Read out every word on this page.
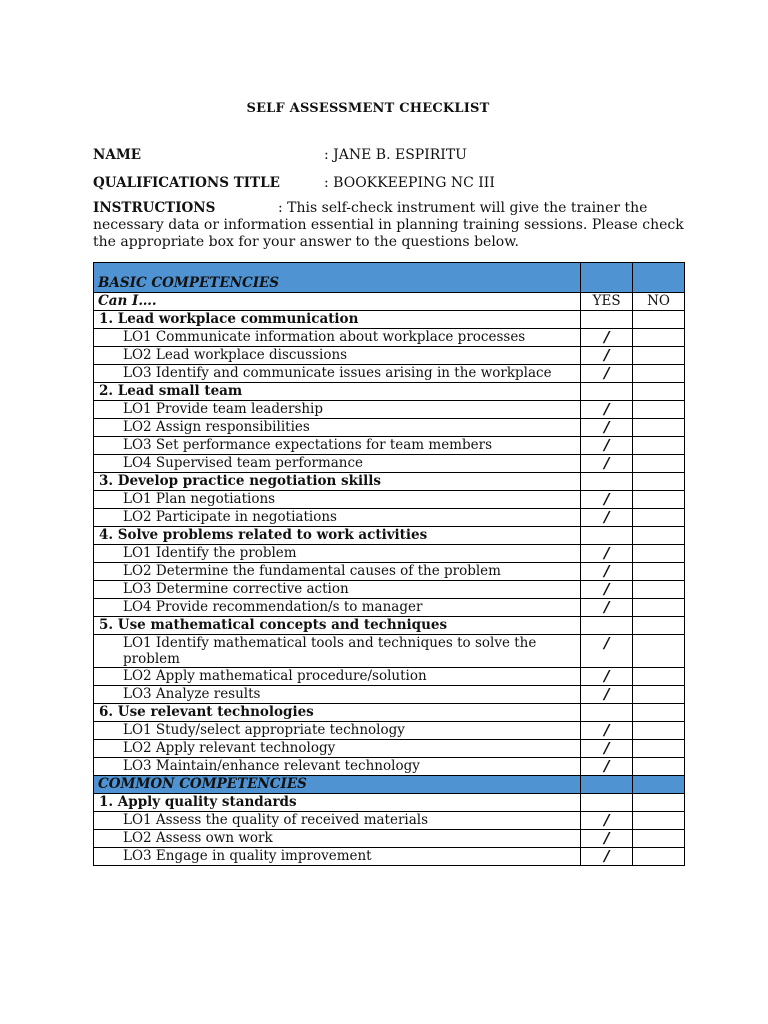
SELF ASSESSMENT CHECKLIST
NAME	: JANE B. ESPIRITU
QUALIFICATIONS TITLE	: BOOKKEEPING NC III
INSTRUCTIONS	: This self-check instrument will give the trainer the necessary data or information essential in planning training sessions. Please check the appropriate box for your answer to the questions below.
BASIC COMPETENCIES		
Can I….	YES	NO
1. Lead workplace communication		
LO1 Communicate information about workplace processes	/	
LO2 Lead workplace discussions	/	
LO3 Identify and communicate issues arising in the workplace	/	
2. Lead small team		
LO1 Provide team leadership	/	
LO2 Assign responsibilities	/	
LO3 Set performance expectations for team members	/	
LO4 Supervised team performance	/	
3. Develop practice negotiation skills		
LO1 Plan negotiations	/	
LO2 Participate in negotiations	/	
4. Solve problems related to work activities		
LO1 Identify the problem	/	
LO2 Determine the fundamental causes of the problem	/	
LO3 Determine corrective action	/	
LO4 Provide recommendation/s to manager	/	
5. Use mathematical concepts and techniques		
LO1 Identify mathematical tools and techniques to solve the problem	/	
LO2 Apply mathematical procedure/solution	/	
LO3 Analyze results	/	
6. Use relevant technologies		
LO1 Study/select appropriate technology	/	
LO2 Apply relevant technology	/	
LO3 Maintain/enhance relevant technology	/	
COMMON COMPETENCIES		
1. Apply quality standards		
LO1 Assess the quality of received materials	/	
LO2 Assess own work	/	
LO3 Engage in quality improvement	/	
